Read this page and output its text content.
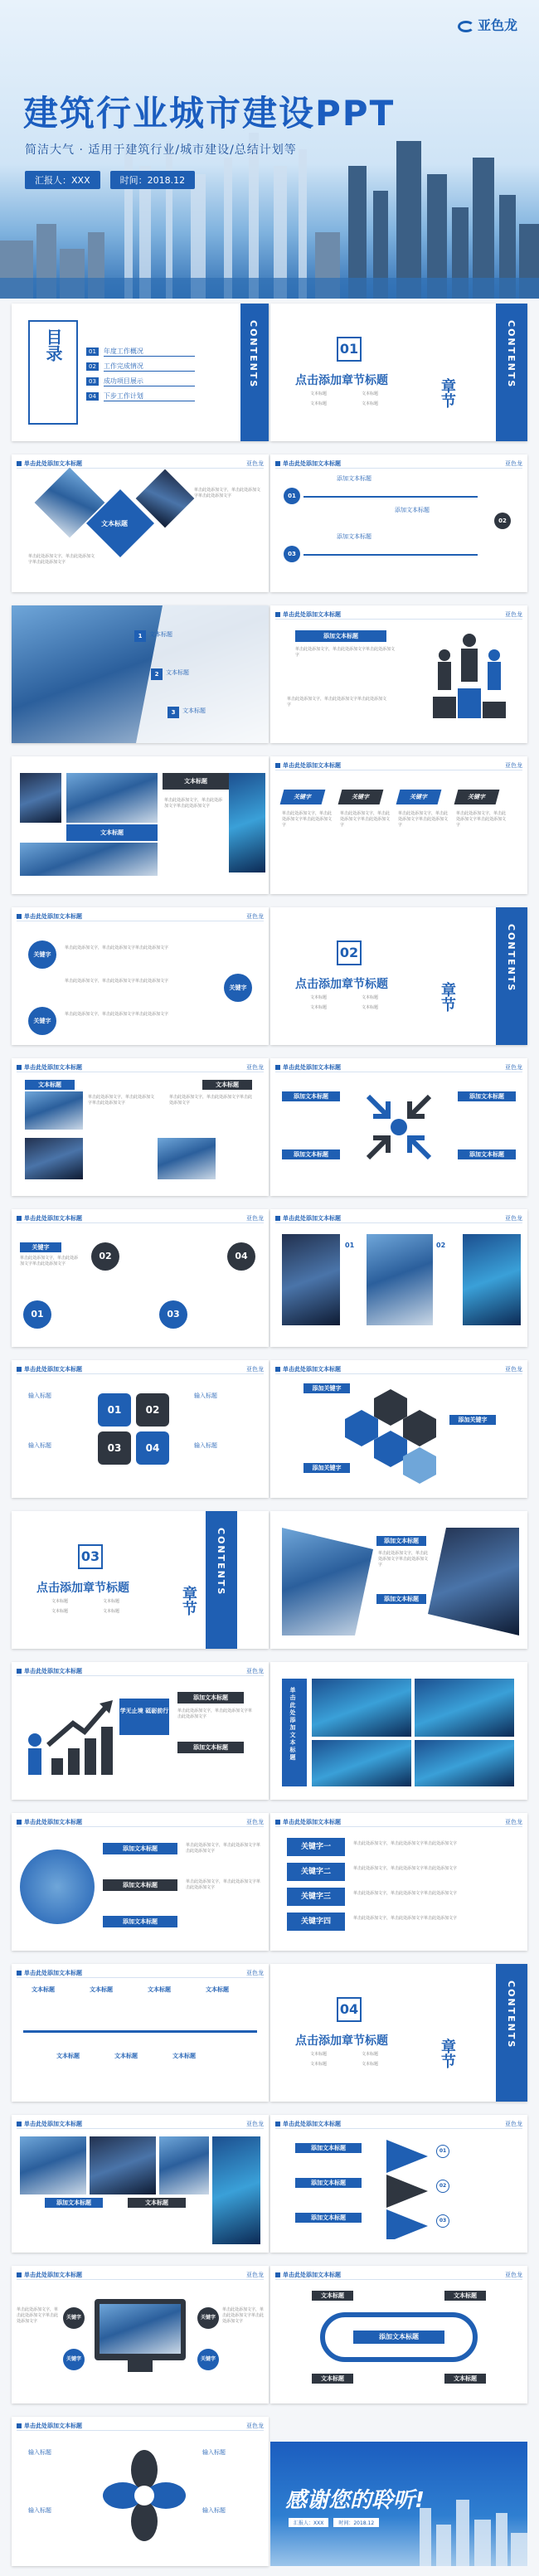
亚色龙
建筑行业城市建设PPT
简洁大气 · 适用于建筑行业/城市建设/总结计划等
汇报人：XXX	时间：2018.12
目录	CONTENTS
01	年度工作概况
02	工作完成情况
03	成功项目展示
04	下步工作计划
01
点击添加章节标题
文本标题	文本标题
文本标题	文本标题	章节
CONTENTS
单击此处添加文本标题	亚色龙
文本标题
单击此处添加文字，单击此处添加文字单击此处添加文字
单击此处添加文字，单击此处添加文字单击此处添加文字
单击此处添加文本标题	亚色龙
01
03
02
添加文本标题
添加文本标题
添加文本标题
1	文本标题
2	文本标题
3	文本标题
单击此处添加文本标题	亚色龙
添加文本标题
单击此处添加文字，单击此处添加文字单击此处添加文字
单击此处添加文字，单击此处添加文字单击此处添加文字
文本标题
文本标题
单击此处添加文字，单击此处添加文字单击此处添加文字
单击此处添加文本标题	亚色龙
关键字	关键字	关键字	关键字
单击此处添加文字，单击此处添加文字单击此处添加文字
单击此处添加文字，单击此处添加文字单击此处添加文字
单击此处添加文字，单击此处添加文字单击此处添加文字
单击此处添加文字，单击此处添加文字单击此处添加文字
单击此处添加文本标题	亚色龙
关键字
关键字
关键字
单击此处添加文字，单击此处添加文字单击此处添加文字
单击此处添加文字，单击此处添加文字单击此处添加文字
单击此处添加文字，单击此处添加文字单击此处添加文字
02
点击添加章节标题
文本标题	文本标题
文本标题	文本标题	章节
CONTENTS
单击此处添加文本标题	亚色龙
文本标题
单击此处添加文字，单击此处添加文字单击此处添加文字
文本标题
单击此处添加文字，单击此处添加文字单击此处添加文字
单击此处添加文本标题	亚色龙
添加文本标题	添加文本标题
添加文本标题	添加文本标题
单击此处添加文本标题	亚色龙
01
02
03
04
关键字
单击此处添加文字，单击此处添加文字单击此处添加文字
单击此处添加文本标题	亚色龙
01	02
单击此处添加文本标题	亚色龙
01	02
03	04
输入标题	输入标题
输入标题	输入标题
单击此处添加文本标题	亚色龙
添加关键字
添加关键字
添加关键字
03
点击添加章节标题
文本标题	文本标题
文本标题	文本标题	章节
CONTENTS	添加文本标题
单击此处添加文字，单击此处添加文字单击此处添加文字
添加文本标题
单击此处添加文本标题	亚色龙
学无止境 砥砺前行
添加文本标题
添加文本标题
单击此处添加文字，单击此处添加文字单击此处添加文字	单击此处添加文本标题
单击此处添加文本标题	亚色龙
添加文本标题
添加文本标题
添加文本标题
单击此处添加文字，单击此处添加文字单击此处添加文字
单击此处添加文字，单击此处添加文字单击此处添加文字
单击此处添加文本标题	亚色龙
关键字一
关键字二
关键字三
关键字四
单击此处添加文字，单击此处添加文字单击此处添加文字
单击此处添加文字，单击此处添加文字单击此处添加文字
单击此处添加文字，单击此处添加文字单击此处添加文字
单击此处添加文字，单击此处添加文字单击此处添加文字
单击此处添加文本标题	亚色龙
文本标题	文本标题	文本标题	文本标题
文本标题	文本标题	文本标题
04
点击添加章节标题
文本标题	文本标题
文本标题	文本标题	章节
CONTENTS
单击此处添加文本标题	亚色龙
添加文本标题	文本标题
单击此处添加文本标题	亚色龙
01
02
03
添加文本标题
添加文本标题
添加文本标题
单击此处添加文本标题	亚色龙
关键字	关键字
关键字	关键字
单击此处添加文字，单击此处添加文字单击此处添加文字
单击此处添加文字，单击此处添加文字单击此处添加文字
单击此处添加文本标题	亚色龙
添加文本标题
文本标题	文本标题
文本标题	文本标题
单击此处添加文本标题	亚色龙
输入标题
输入标题
输入标题
输入标题	感谢您的聆听!
汇报人：XXX	时间：2018.12
